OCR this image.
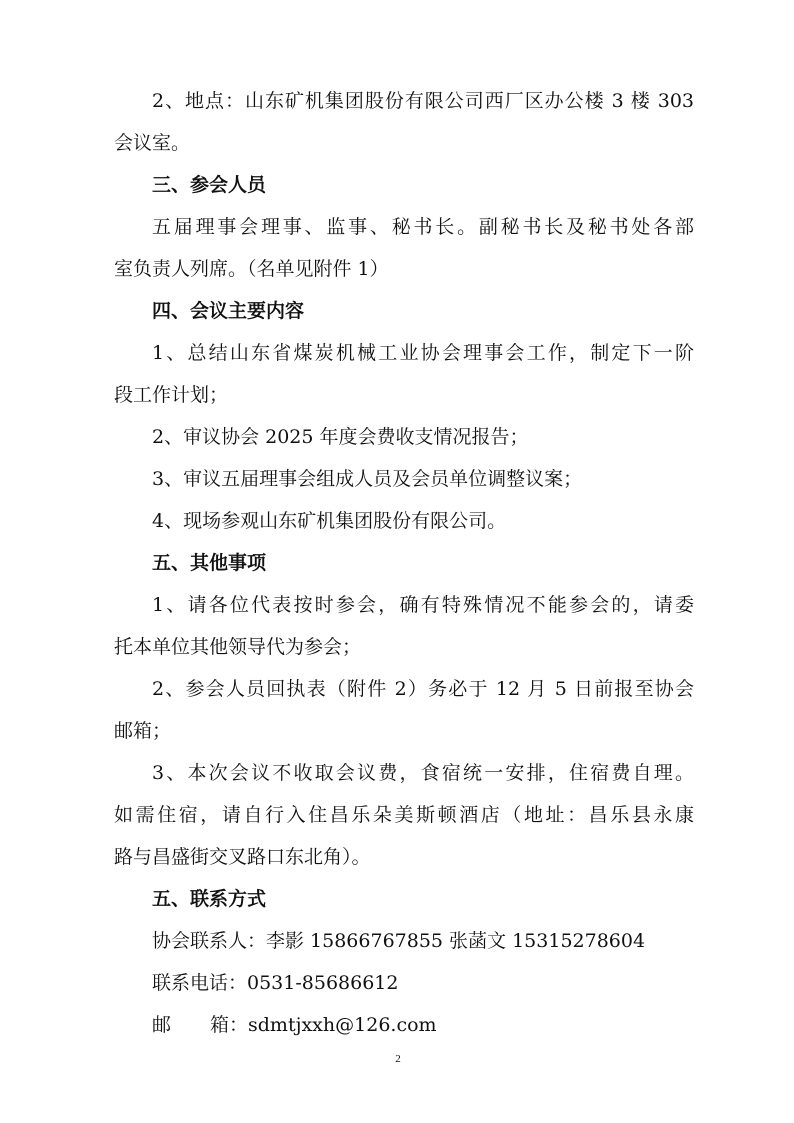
2、地点：山东矿机集团股份有限公司西厂区办公楼 3 楼 303
会议室。
三、参会人员
五届理事会理事、监事、秘书长。副秘书长及秘书处各部
室负责人列席。（名单见附件 1）
四、会议主要内容
1、总结山东省煤炭机械工业协会理事会工作，制定下一阶
段工作计划；
2、审议协会 2025 年度会费收支情况报告；
3、审议五届理事会组成人员及会员单位调整议案；
4、现场参观山东矿机集团股份有限公司。
五、其他事项
1、请各位代表按时参会，确有特殊情况不能参会的，请委
托本单位其他领导代为参会；
2、参会人员回执表（附件 2）务必于 12 月 5 日前报至协会
邮箱；
3、本次会议不收取会议费，食宿统一安排，住宿费自理。
如需住宿，请自行入住昌乐朵美斯顿酒店（地址：昌乐县永康
路与昌盛街交叉路口东北角）。
五、联系方式
协会联系人：李影 15866767855 张菡文 15315278604
联系电话：0531-85686612
邮 箱：sdmtjxxh@126.com
2
